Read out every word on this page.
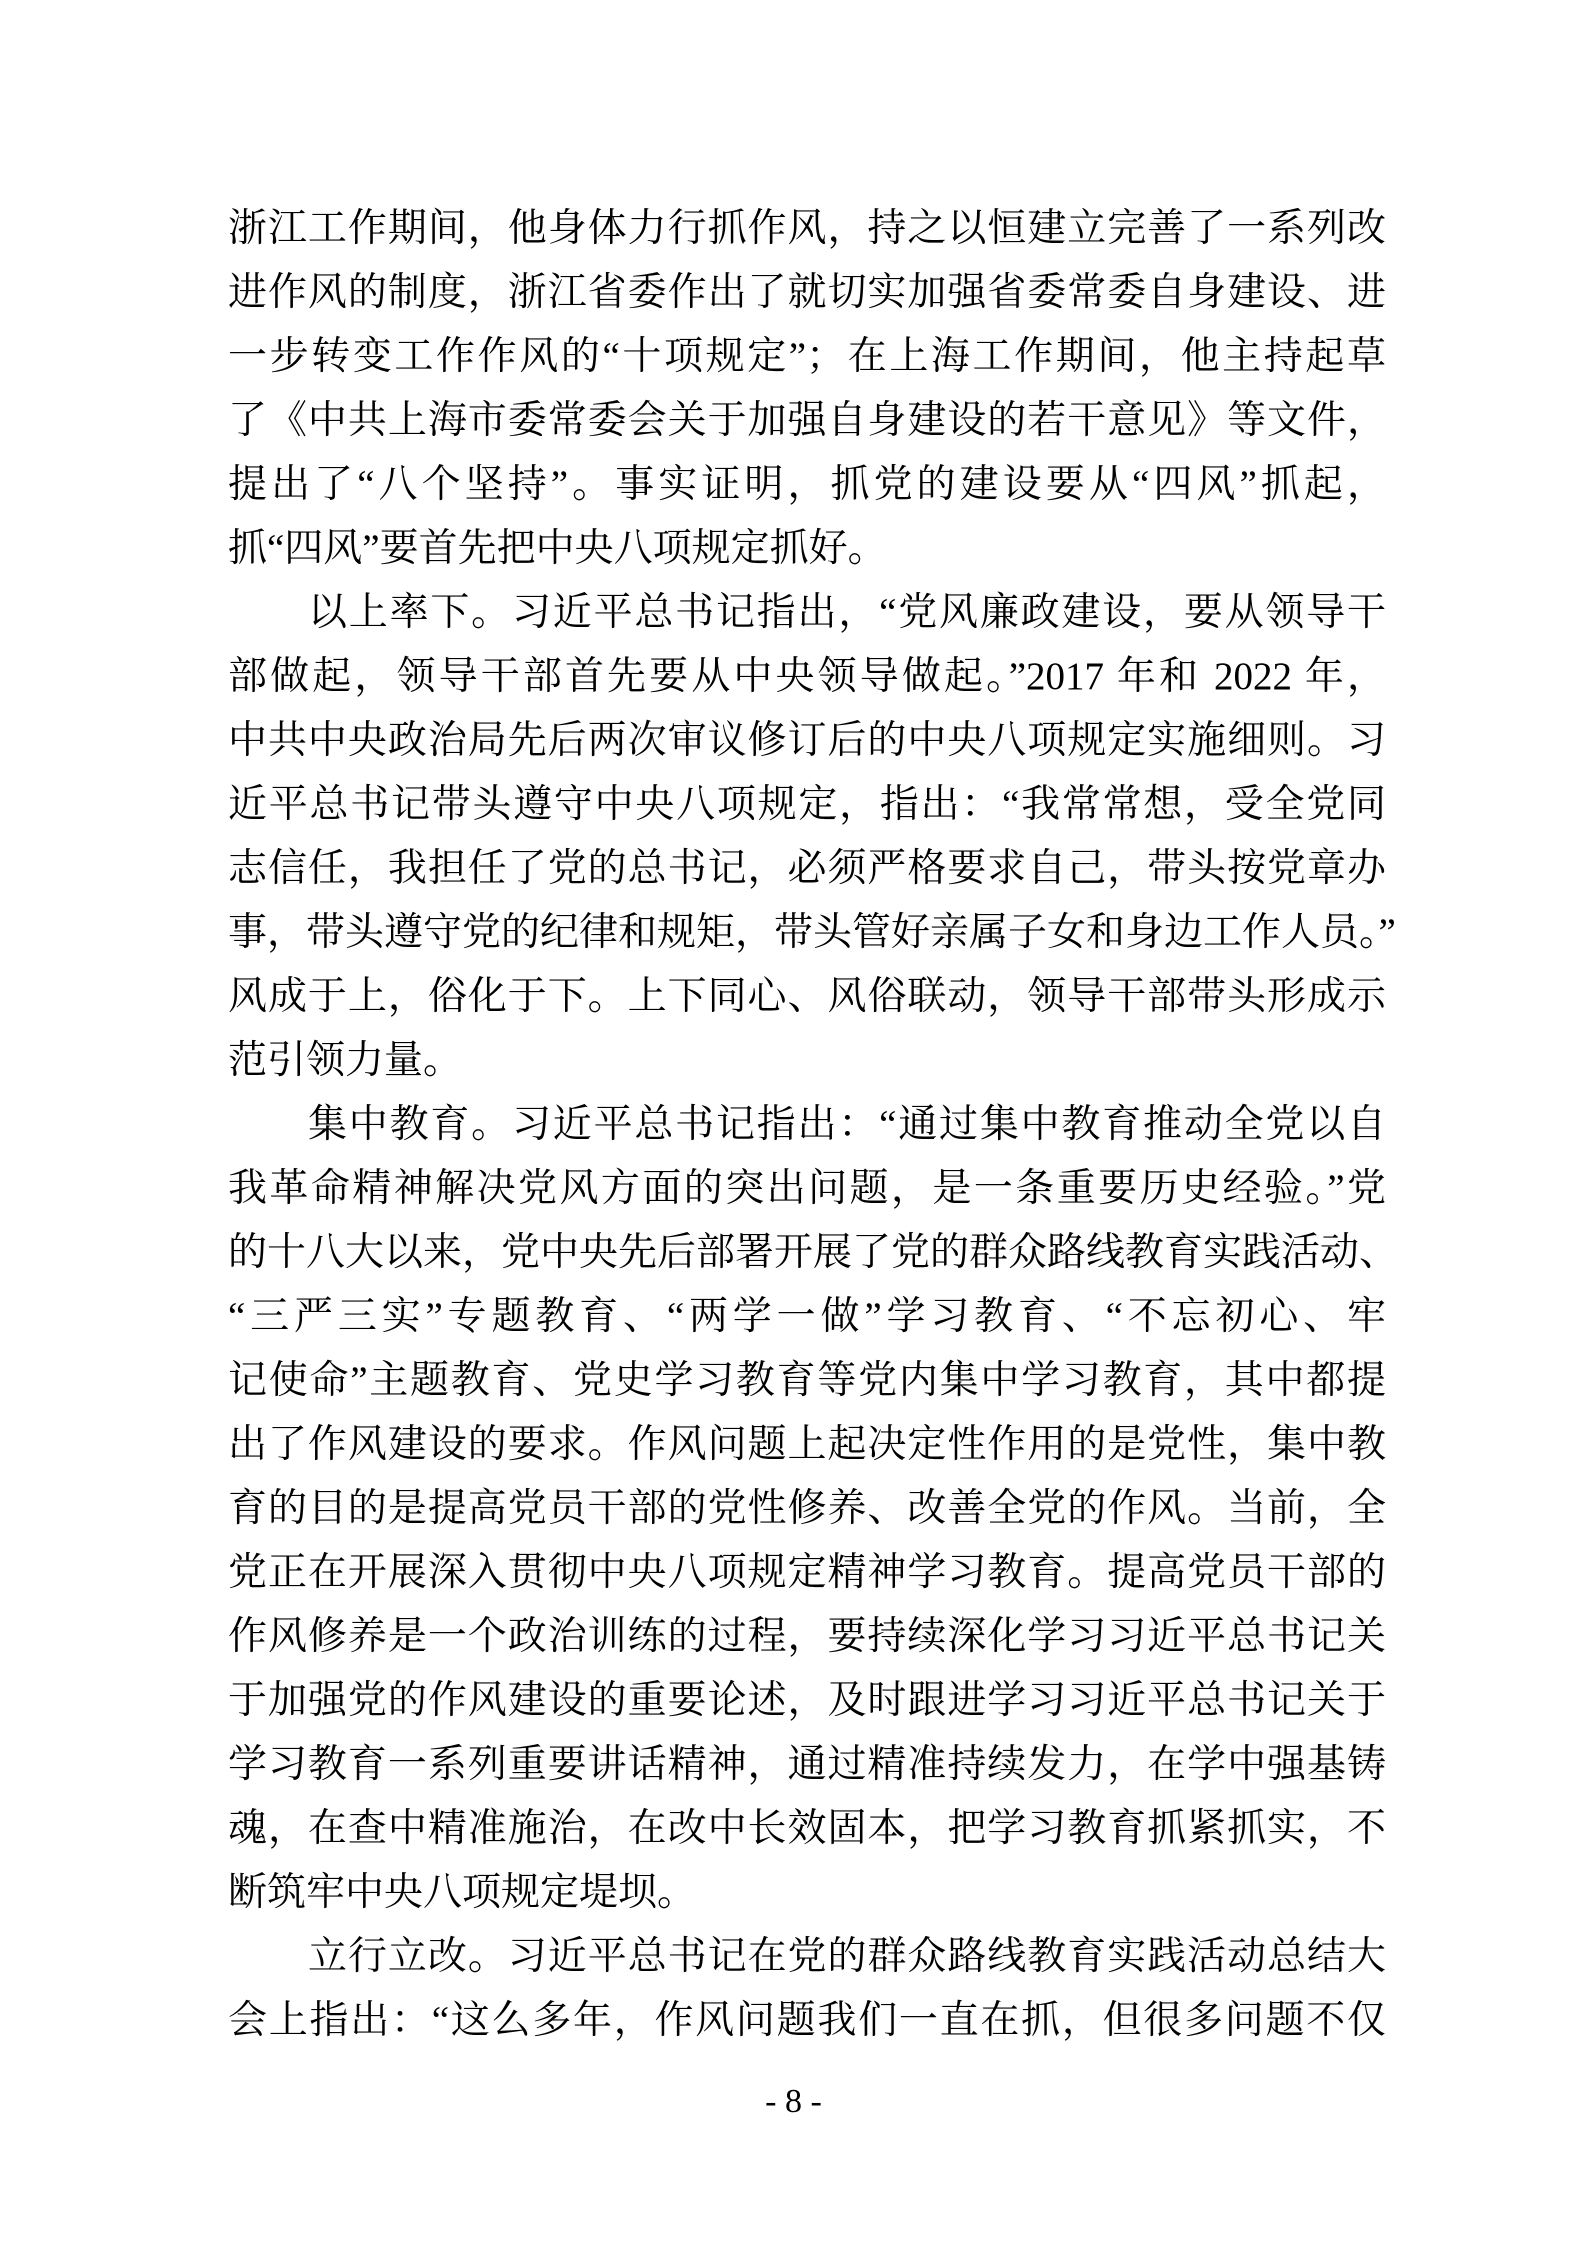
浙江工作期间，他身体力行抓作风，持之以恒建立完善了一系列改
进作风的制度，浙江省委作出了就切实加强省委常委自身建设、进
一步转变工作作风的“十项规定”；在上海工作期间，他主持起草
了《中共上海市委常委会关于加强自身建设的若干意见》等文件，
提出了“八个坚持”。事实证明，抓党的建设要从“四风”抓起，
抓“四风”要首先把中央八项规定抓好。
以上率下。习近平总书记指出，“党风廉政建设，要从领导干
部做起，领导干部首先要从中央领导做起。”2017 年和 2022 年，
中共中央政治局先后两次审议修订后的中央八项规定实施细则。习
近平总书记带头遵守中央八项规定，指出：“我常常想，受全党同
志信任，我担任了党的总书记，必须严格要求自己，带头按党章办
事，带头遵守党的纪律和规矩，带头管好亲属子女和身边工作人员。”
风成于上，俗化于下。上下同心、风俗联动，领导干部带头形成示
范引领力量。
集中教育。习近平总书记指出：“通过集中教育推动全党以自
我革命精神解决党风方面的突出问题，是一条重要历史经验。”党
的十八大以来，党中央先后部署开展了党的群众路线教育实践活动、
“三严三实”专题教育、“两学一做”学习教育、“不忘初心、牢
记使命”主题教育、党史学习教育等党内集中学习教育，其中都提
出了作风建设的要求。作风问题上起决定性作用的是党性，集中教
育的目的是提高党员干部的党性修养、改善全党的作风。当前，全
党正在开展深入贯彻中央八项规定精神学习教育。提高党员干部的
作风修养是一个政治训练的过程，要持续深化学习习近平总书记关
于加强党的作风建设的重要论述，及时跟进学习习近平总书记关于
学习教育一系列重要讲话精神，通过精准持续发力，在学中强基铸
魂，在查中精准施治，在改中长效固本，把学习教育抓紧抓实，不
断筑牢中央八项规定堤坝。
立行立改。习近平总书记在党的群众路线教育实践活动总结大
会上指出：“这么多年，作风问题我们一直在抓，但很多问题不仅
- 8 -
